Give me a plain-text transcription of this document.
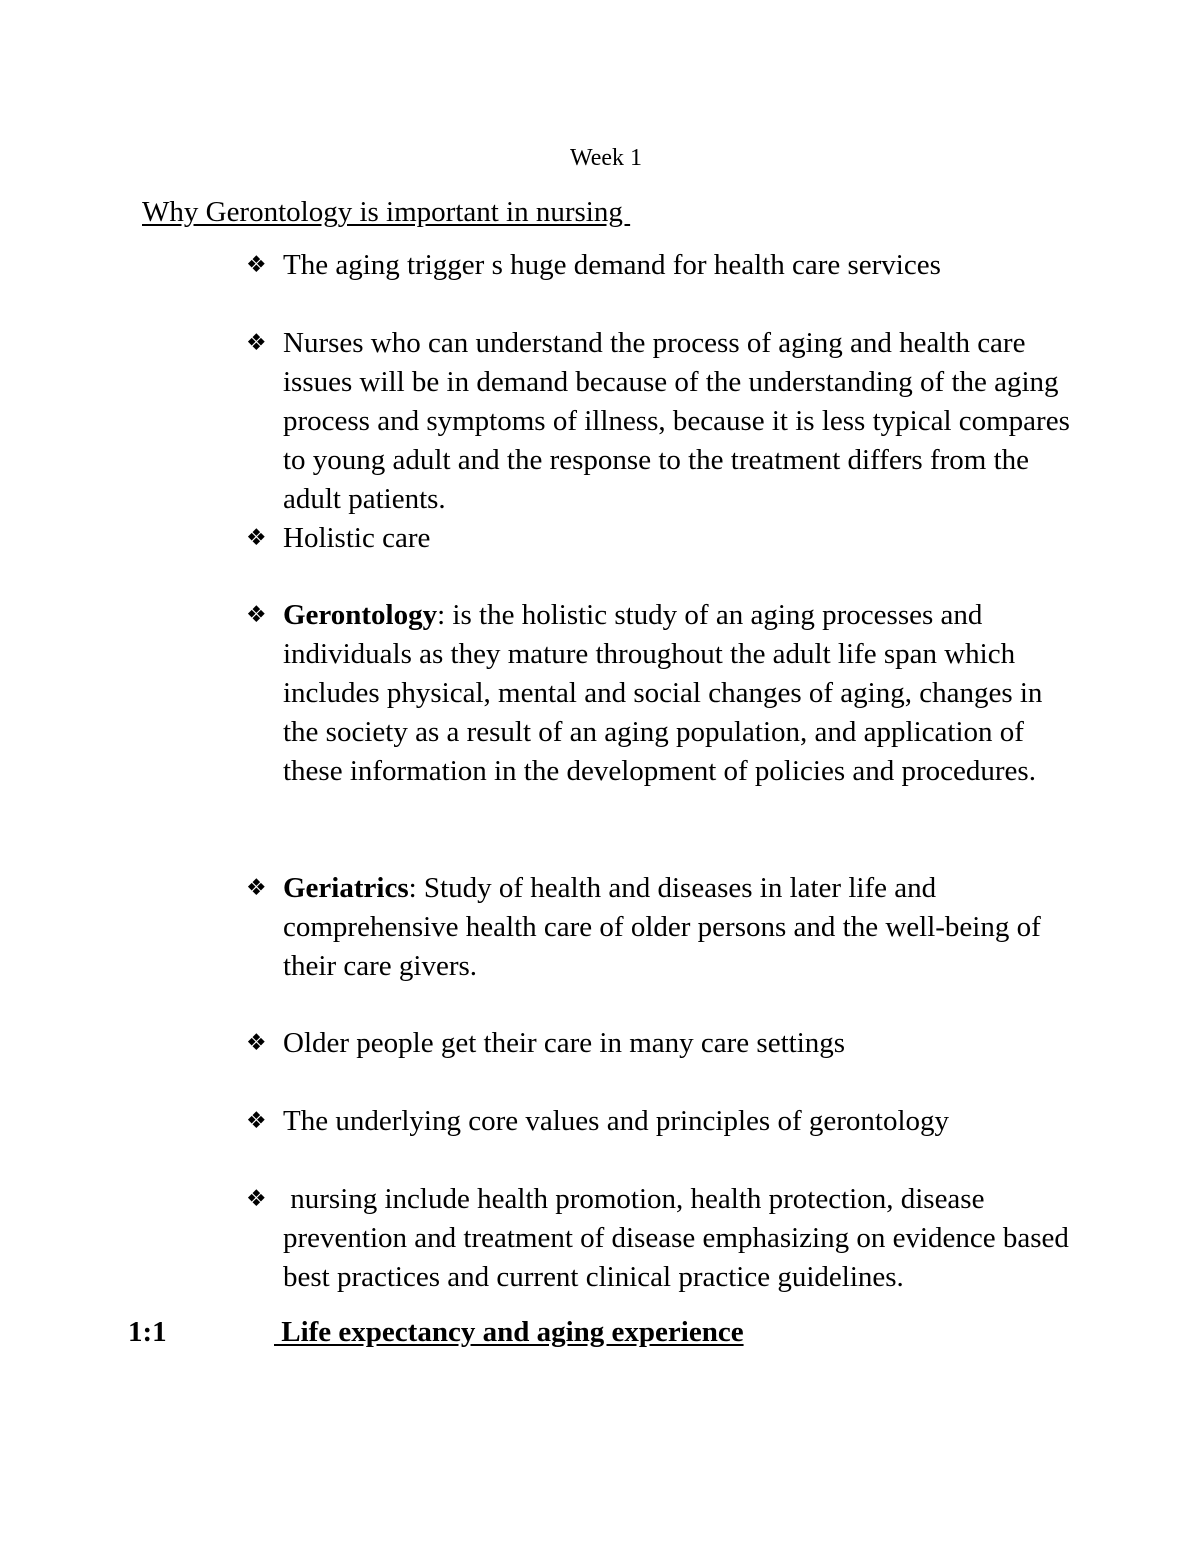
Week 1
Why Gerontology is important in nursing
❖ The aging trigger s huge demand for health care services
❖ Nurses who can understand the process of aging and health care issues will be in demand because of the understanding of the aging process and symptoms of illness, because it is less typical compares to young adult and the response to the treatment differs from the adult patients.
❖ Holistic care
❖ Gerontology: is the holistic study of an aging processes and individuals as they mature throughout the adult life span which includes physical, mental and social changes of aging, changes in the society as a result of an aging population, and application of these information in the development of policies and procedures.
❖ Geriatrics: Study of health and diseases in later life and comprehensive health care of older persons and the well-being of their care givers.
❖ Older people get their care in many care settings
❖ The underlying core values and principles of gerontology
❖ nursing include health promotion, health protection, disease prevention and treatment of disease emphasizing on evidence based best practices and current clinical practice guidelines.
1:1	Life expectancy and aging experience
